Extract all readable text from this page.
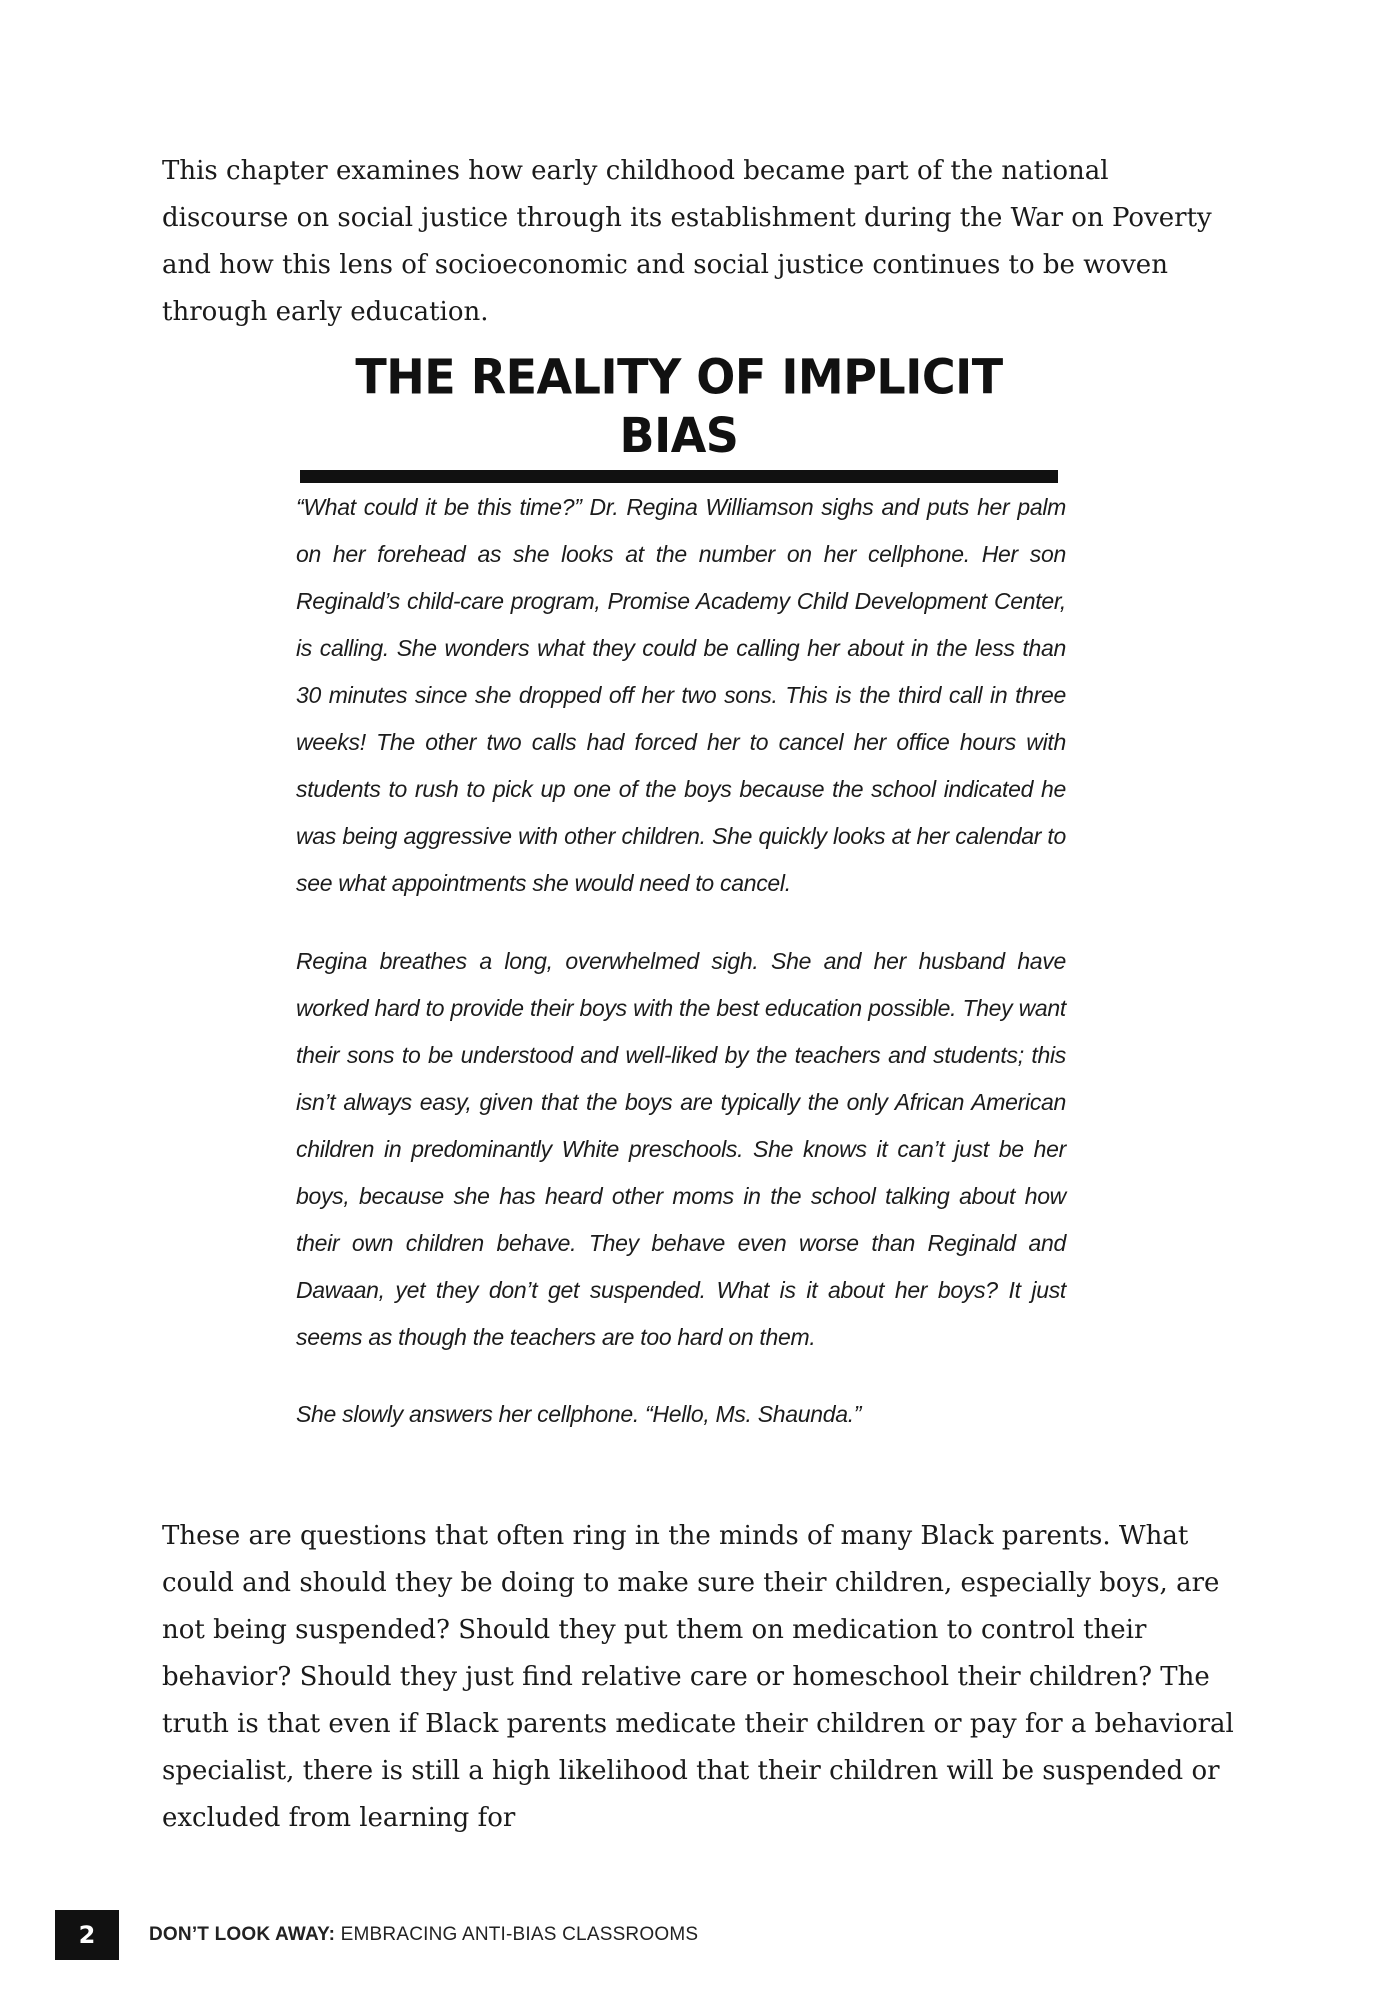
This chapter examines how early childhood became part of the national discourse on social justice through its establishment during the War on Poverty and how this lens of socioeconomic and social justice continues to be woven through early education.

THE REALITY OF IMPLICIT BIAS

“What could it be this time?” Dr. Regina Williamson sighs and puts her palm on her forehead as she looks at the number on her cellphone. Her son Reginald’s child-care program, Promise Academy Child Development Center, is calling. She wonders what they could be calling her about in the less than 30 minutes since she dropped off her two sons. This is the third call in three weeks! The other two calls had forced her to cancel her office hours with students to rush to pick up one of the boys because the school indicated he was being aggressive with other children. She quickly looks at her calendar to see what appointments she would need to cancel.

Regina breathes a long, overwhelmed sigh. She and her husband have worked hard to provide their boys with the best education possible. They want their sons to be understood and well-liked by the teachers and students; this isn’t always easy, given that the boys are typically the only African American children in predominantly White preschools. She knows it can’t just be her boys, because she has heard other moms in the school talking about how their own children behave. They behave even worse than Reginald and Dawaan, yet they don’t get suspended. What is it about her boys? It just seems as though the teachers are too hard on them.

She slowly answers her cellphone. “Hello, Ms. Shaunda.”

These are questions that often ring in the minds of many Black parents. What could and should they be doing to make sure their children, especially boys, are not being suspended? Should they put them on medication to control their behavior? Should they just find relative care or homeschool their children? The truth is that even if Black parents medicate their children or pay for a behavioral specialist, there is still a high likelihood that their children will be suspended or excluded from learning for

2	DON’T LOOK AWAY: EMBRACING ANTI-BIAS CLASSROOMS
